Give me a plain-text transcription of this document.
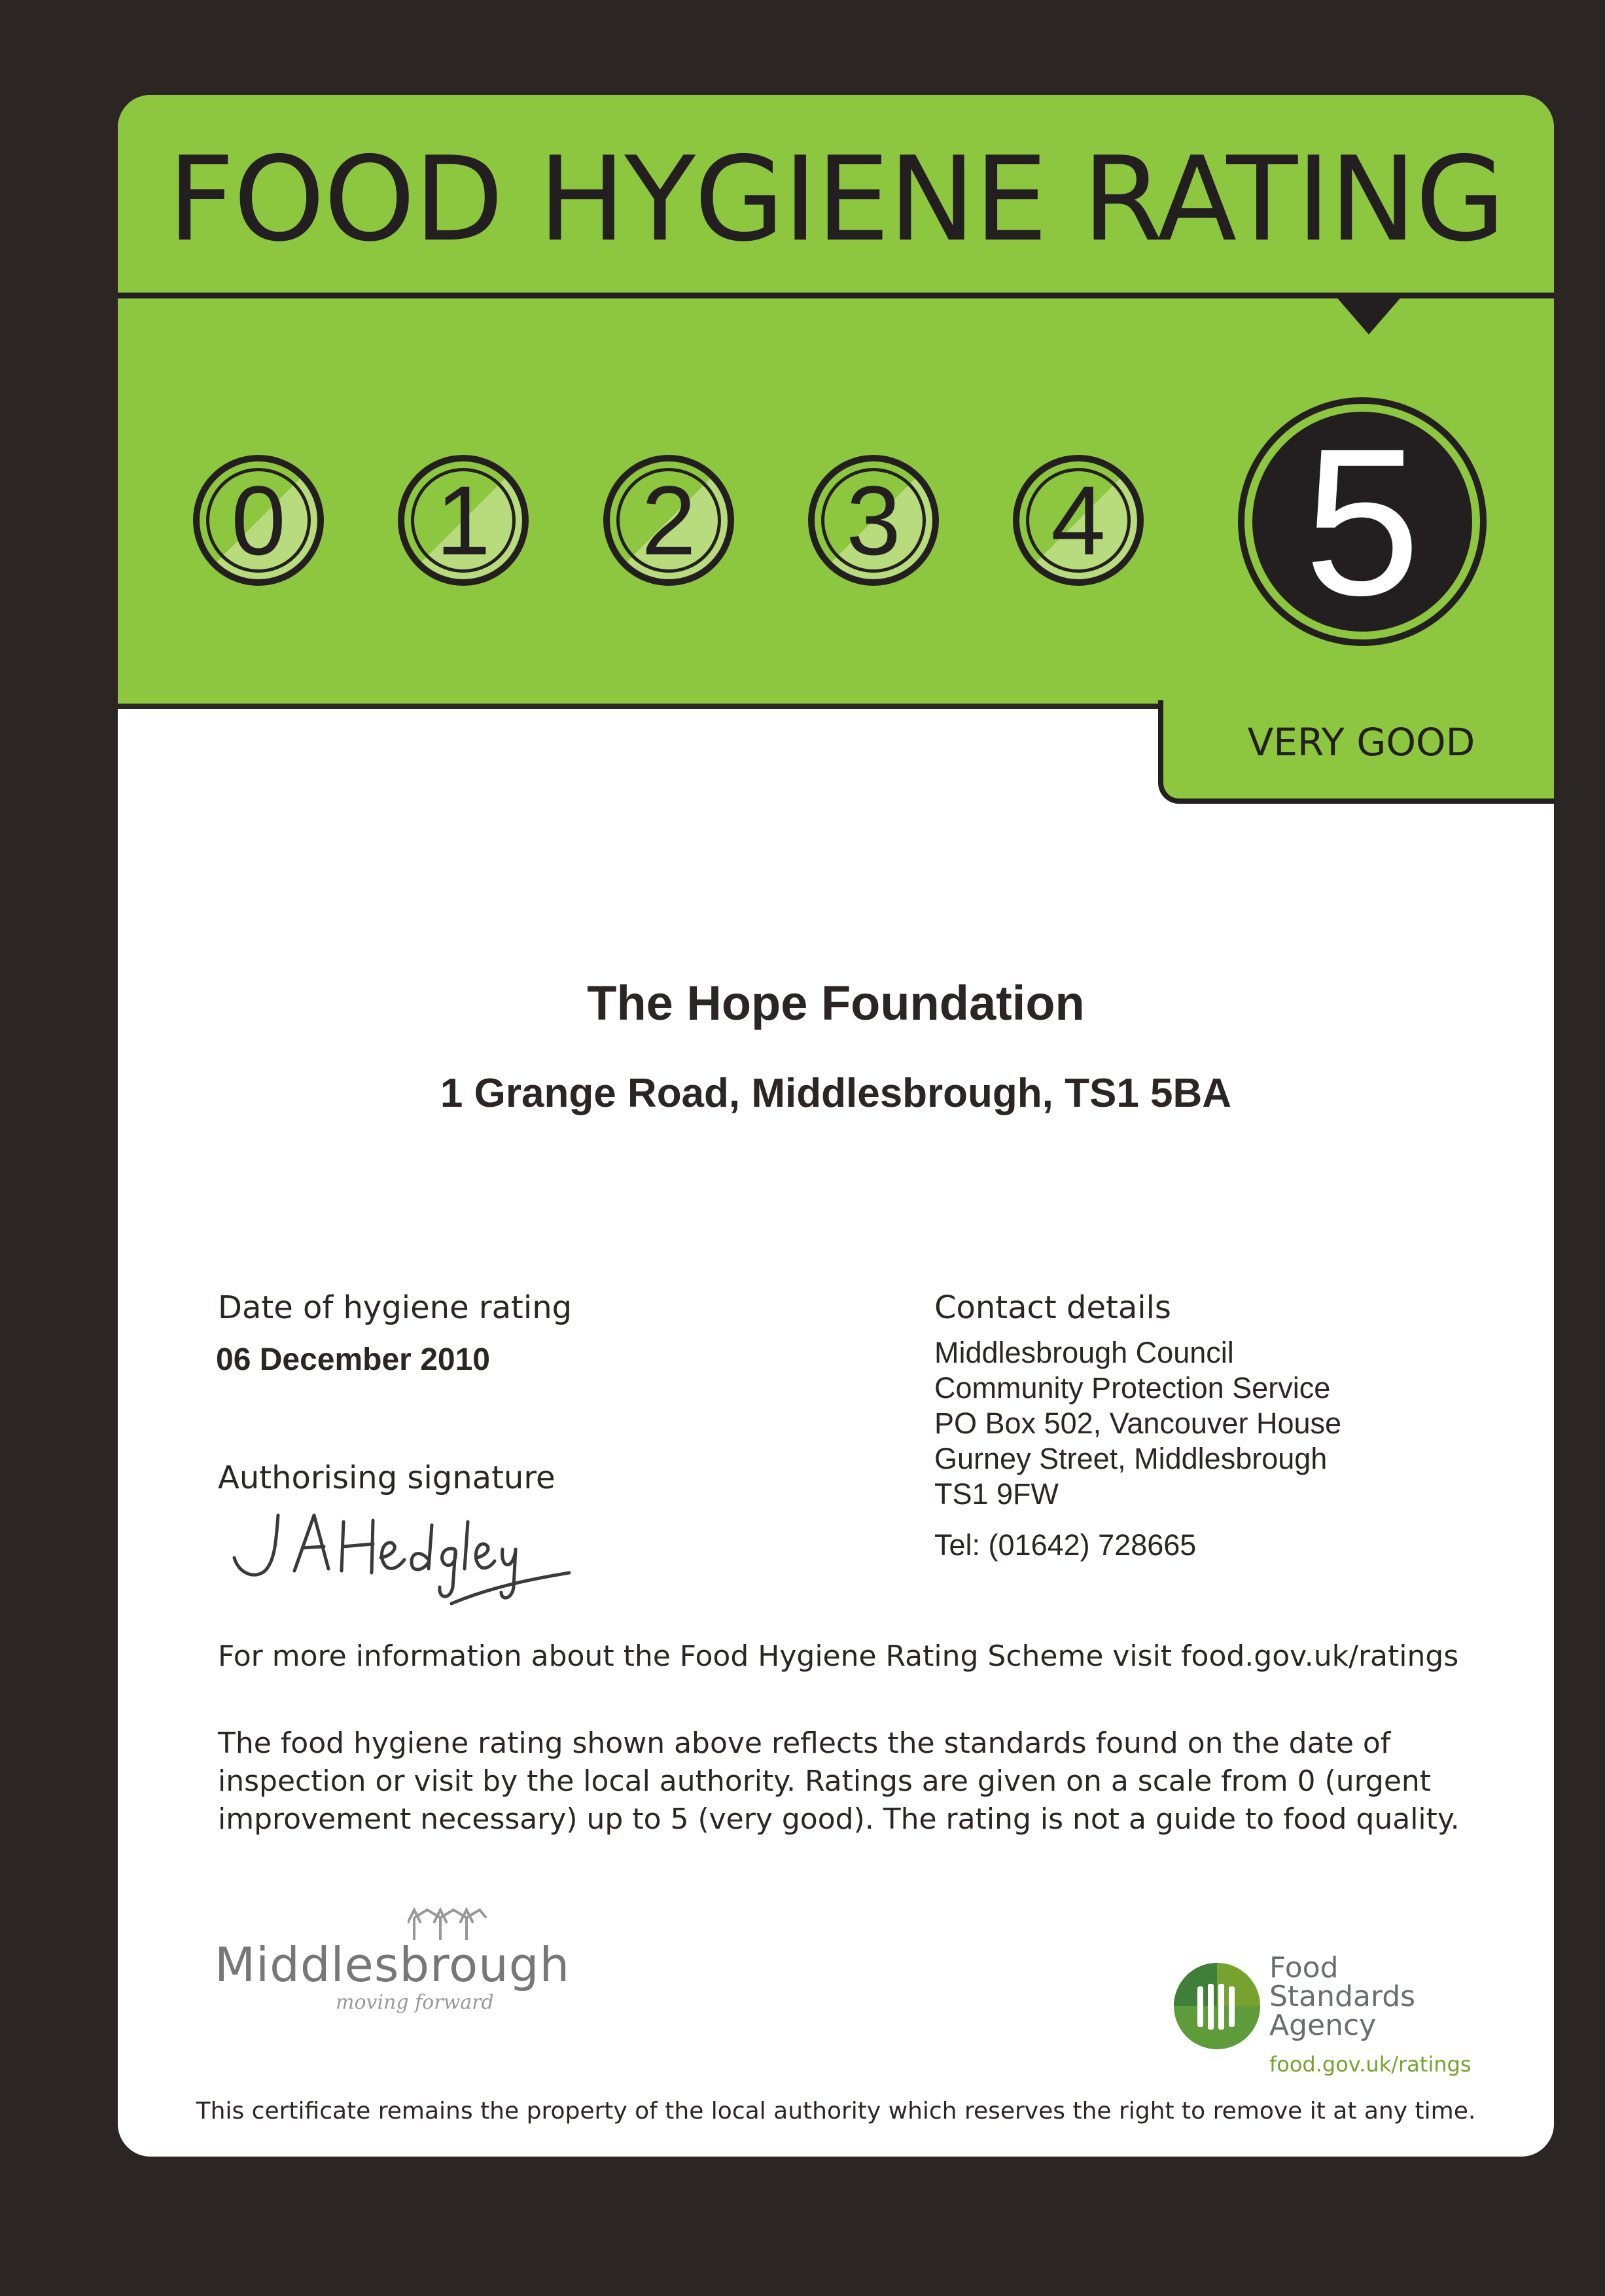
FOOD HYGIENE RATING
0 1 2 3 4 5
VERY GOOD
The Hope Foundation
1 Grange Road, Middlesbrough, TS1 5BA
Date of hygiene rating
06 December 2010
Authorising signature
Contact details
Middlesbrough Council
Community Protection Service
PO Box 502, Vancouver House
Gurney Street, Middlesbrough
TS1 9FW
Tel: (01642) 728665
For more information about the Food Hygiene Rating Scheme visit food.gov.uk/ratings
The food hygiene rating shown above reflects the standards found on the date of inspection or visit by the local authority. Ratings are given on a scale from 0 (urgent improvement necessary) up to 5 (very good). The rating is not a guide to food quality.
Middlesbrough
moving forward
Food
Standards
Agency
food.gov.uk/ratings
This certificate remains the property of the local authority which reserves the right to remove it at any time.
